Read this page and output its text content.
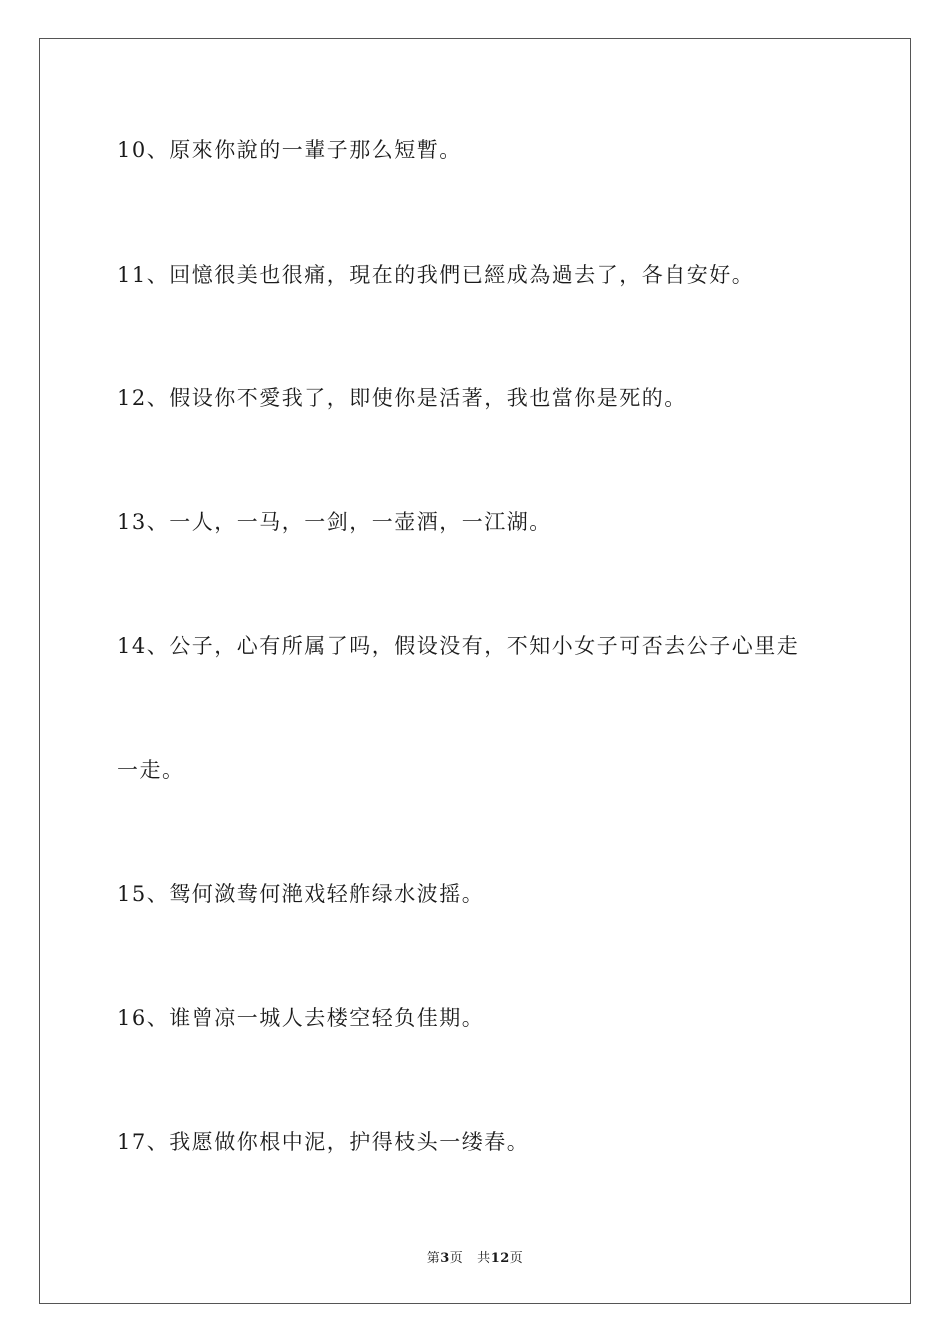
10、原來你說的一輩子那么短暫。
11、回憶很美也很痛，現在的我們已經成為過去了，各自安好。
12、假设你不愛我了，即使你是活著，我也當你是死的。
13、一人，一马，一剑，一壶酒，一江湖。
14、公子，心有所属了吗，假设没有，不知小女子可否去公子心里走
一走。
15、鸳何潋鸯何滟戏轻舴绿水波摇。
16、谁曾凉一城人去楼空轻负佳期。
17、我愿做你根中泥，护得枝头一缕春。
第3页 共12页
